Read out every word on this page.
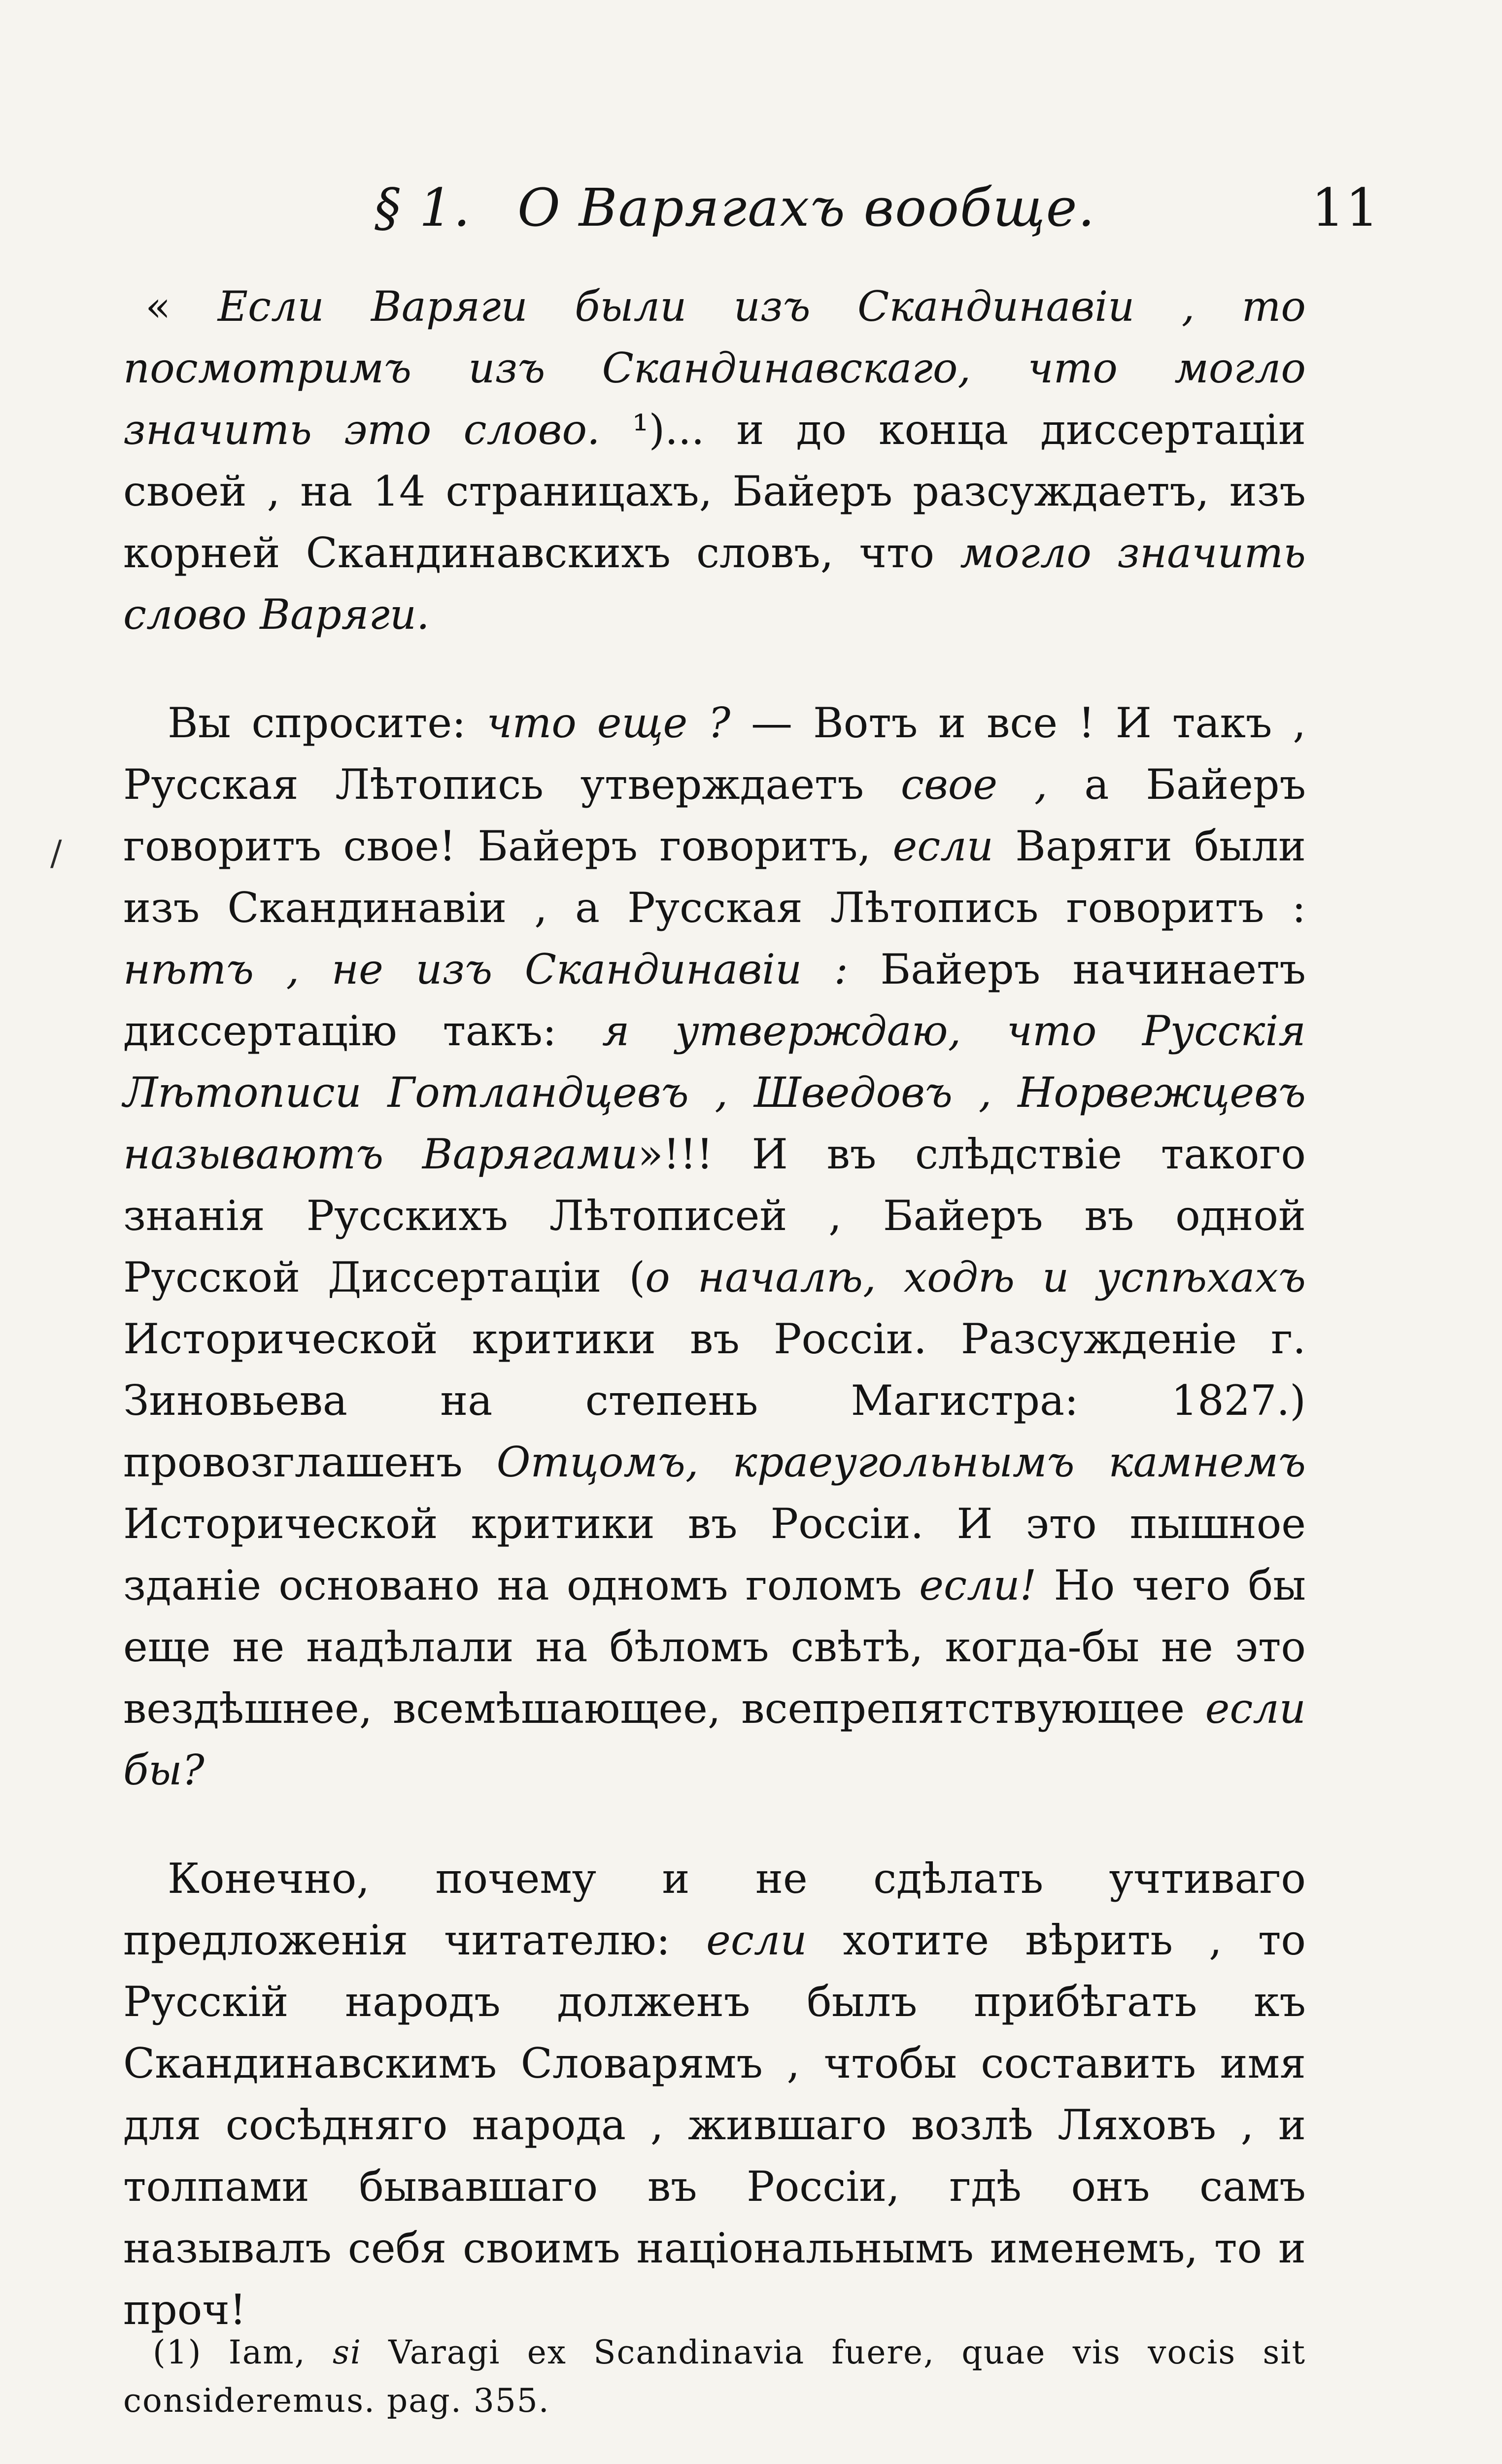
§ 1. О Варягахъ вообще.	11
/

« Если Варяги были изъ Скандинавіи , то посмотримъ изъ Скандинавскаго, что могло значить это слово. ¹)... и до конца диссертаціи своей , на 14 страницахъ, Байеръ разсуждаетъ, изъ корней Скандинавскихъ словъ, что могло значить слово Варяги.

Вы спросите: что еще ? — Вотъ и все ! И такъ , Русская Лѣтопись утверждаетъ свое , а Байеръ говоритъ свое! Байеръ говоритъ, если Варяги были изъ Скандинавіи , а Русская Лѣтопись говоритъ : нѣтъ , не изъ Скандинавіи : Байеръ начинаетъ диссертацію такъ: я утверждаю, что Русскія Лѣтописи Готландцевъ , Шведовъ , Норвежцевъ называютъ Варягами»!!! И въ слѣдствіе такого знанія Русскихъ Лѣтописей , Байеръ въ одной Русской Диссертаціи (о началѣ, ходѣ и успѣхахъ Исторической критики въ Россіи. Разсужденіе г. Зиновьева на степень Магистра: 1827.) провозглашенъ Отцомъ, краеугольнымъ камнемъ Исторической критики въ Россіи. И это пышное зданіе основано на одномъ голомъ если! Но чего бы еще не надѣлали на бѣломъ свѣтѣ, когда-бы не это вездѣшнее, всемѣшающее, всепрепятствующее если бы?

Конечно, почему и не сдѣлать учтиваго предложенія читателю: если хотите вѣрить , то Русскій народъ долженъ былъ прибѣгать къ Скандинавскимъ Словарямъ , чтобы составить имя для сосѣдняго народа , жившаго возлѣ Ляховъ , и толпами бывавшаго въ Россіи, гдѣ онъ самъ называлъ себя своимъ національнымъ именемъ, то и проч!

(1) Iam, si Varagi ex Scandinavia fuere, quae vis vocis sit consideremus. pag. 355.
